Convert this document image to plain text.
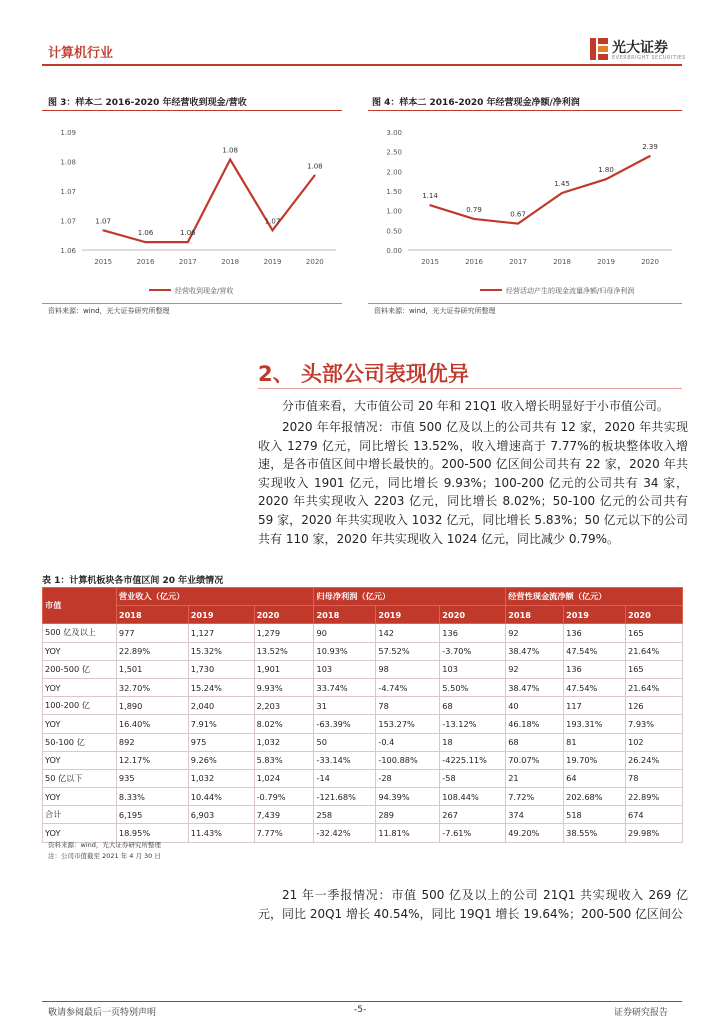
计算机行业	光大证券
EVERBRIGHT SECURITIES
图 3：样本二 2016-2020 年经营收到现金/营收
1.09
1.08
1.07
1.07
1.06
2015	2016	2017	2018	2019	2020
1.07
1.06	1.06
1.08
1.07
1.08
经营收到现金/营收
资料来源：wind，光大证券研究所整理
图 4：样本二 2016-2020 年经营现金净额/净利润
3.00
2.50
2.00
1.50
1.00
0.50
0.00
2015	2016	2017	2018	2019	2020
1.14
0.79
0.67
1.45
1.80
2.39
经营活动产生的现金流量净额/归母净利润
资料来源：wind，光大证券研究所整理
2、 头部公司表现优异
分市值来看，大市值公司 20 年和 21Q1 收入增长明显好于小市值公司。
2020 年年报情况：市值 500 亿及以上的公司共有 12 家，2020 年共实现收入 1279 亿元，同比增长 13.52%，收入增速高于 7.77%的板块整体收入增速，是各市值区间中增长最快的。200-500 亿区间公司共有 22 家，2020 年共实现收入 1901 亿元，同比增长 9.93%；100-200 亿元的公司共有 34 家，2020 年共实现收入 2203 亿元，同比增长 8.02%；50-100 亿元的公司共有 59 家，2020 年共实现收入 1032 亿元，同比增长 5.83%；50 亿元以下的公司共有 110 家，2020 年共实现收入 1024 亿元，同比减少 0.79%。
表 1：计算机板块各市值区间 20 年业绩情况
市值	营业收入（亿元）			归母净利润（亿元）			经营性现金流净额（亿元）		
	2018	2019	2020	2018	2019	2020	2018	2019	2020
500 亿及以上	977	1,127	1,279	90	142	136	92	136	165
YOY	22.89%	15.32%	13.52%	10.93%	57.52%	-3.70%	38.47%	47.54%	21.64%
200-500 亿	1,501	1,730	1,901	103	98	103	92	136	165
YOY	32.70%	15.24%	9.93%	33.74%	-4.74%	5.50%	38.47%	47.54%	21.64%
100-200 亿	1,890	2,040	2,203	31	78	68	40	117	126
YOY	16.40%	7.91%	8.02%	-63.39%	153.27%	-13.12%	46.18%	193.31%	7.93%
50-100 亿	892	975	1,032	50	-0.4	18	68	81	102
YOY	12.17%	9.26%	5.83%	-33.14%	-100.88%	-4225.11%	70.07%	19.70%	26.24%
50 亿以下	935	1,032	1,024	-14	-28	-58	21	64	78
YOY	8.33%	10.44%	-0.79%	-121.68%	94.39%	108.44%	7.72%	202.68%	22.89%
合计	6,195	6,903	7,439	258	289	267	374	518	674
YOY	18.95%	11.43%	7.77%	-32.42%	11.81%	-7.61%	49.20%	38.55%	29.98%
资料来源：wind，光大证券研究所整理
注：公司市值截至 2021 年 4 月 30 日
21 年一季报情况：市值 500 亿及以上的公司 21Q1 共实现收入 269 亿元，同比 20Q1 增长 40.54%，同比 19Q1 增长 19.64%；200-500 亿区间公
敬请参阅最后一页特别声明	-5-	证券研究报告
